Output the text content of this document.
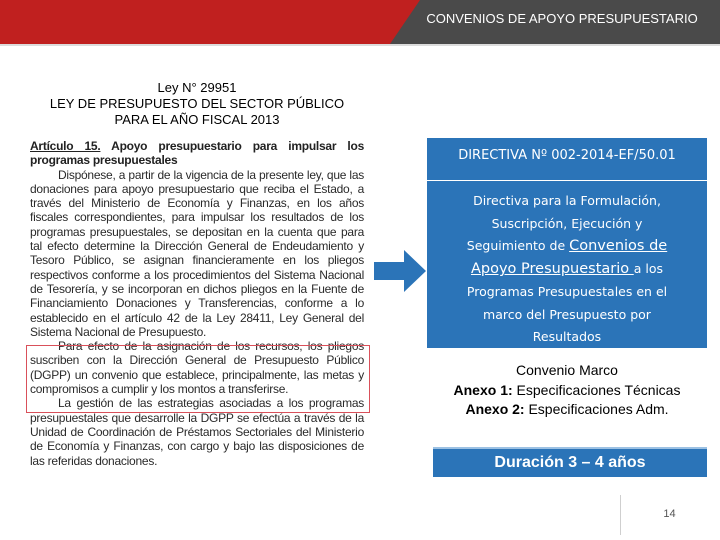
CONVENIOS DE APOYO PRESUPUESTARIO
Ley N° 29951
LEY DE PRESUPUESTO DEL SECTOR PÚBLICO
PARA EL AÑO FISCAL 2013

Artículo 15. Apoyo presupuestario para impulsar los programas presupuestales

Dispónese, a partir de la vigencia de la presente ley, que las donaciones para apoyo presupuestario que reciba el Estado, a través del Ministerio de Economía y Finanzas, en los años fiscales correspondientes, para impulsar los resultados de los programas presupuestales, se depositan en la cuenta que para tal efecto determine la Dirección General de Endeudamiento y Tesoro Público, se asignan financieramente en los pliegos respectivos conforme a los procedimientos del Sistema Nacional de Tesorería, y se incorporan en dichos pliegos en la Fuente de Financiamiento Donaciones y Transferencias, conforme a lo establecido en el artículo 42 de la Ley 28411, Ley General del Sistema Nacional de Presupuesto.

Para efecto de la asignación de los recursos, los pliegos suscriben con la Dirección General de Presupuesto Público (DGPP) un convenio que establece, principalmente, las metas y compromisos a cumplir y los montos a transferirse.

La gestión de las estrategias asociadas a los programas presupuestales que desarrolle la DGPP se efectúa a través de la Unidad de Coordinación de Préstamos Sectoriales del Ministerio de Economía y Finanzas, con cargo y bajo las disposiciones de las referidas donaciones.

DIRECTIVA Nº 002-2014-EF/50.01
Directiva para la Formulación,
Suscripción, Ejecución y
Seguimiento de Convenios de
Apoyo Presupuestario a los
Programas Presupuestales en el
marco del Presupuesto por
Resultados
Convenio Marco
Anexo 1: Especificaciones Técnicas
Anexo 2: Especificaciones Adm.
Duración 3 – 4 años
14
